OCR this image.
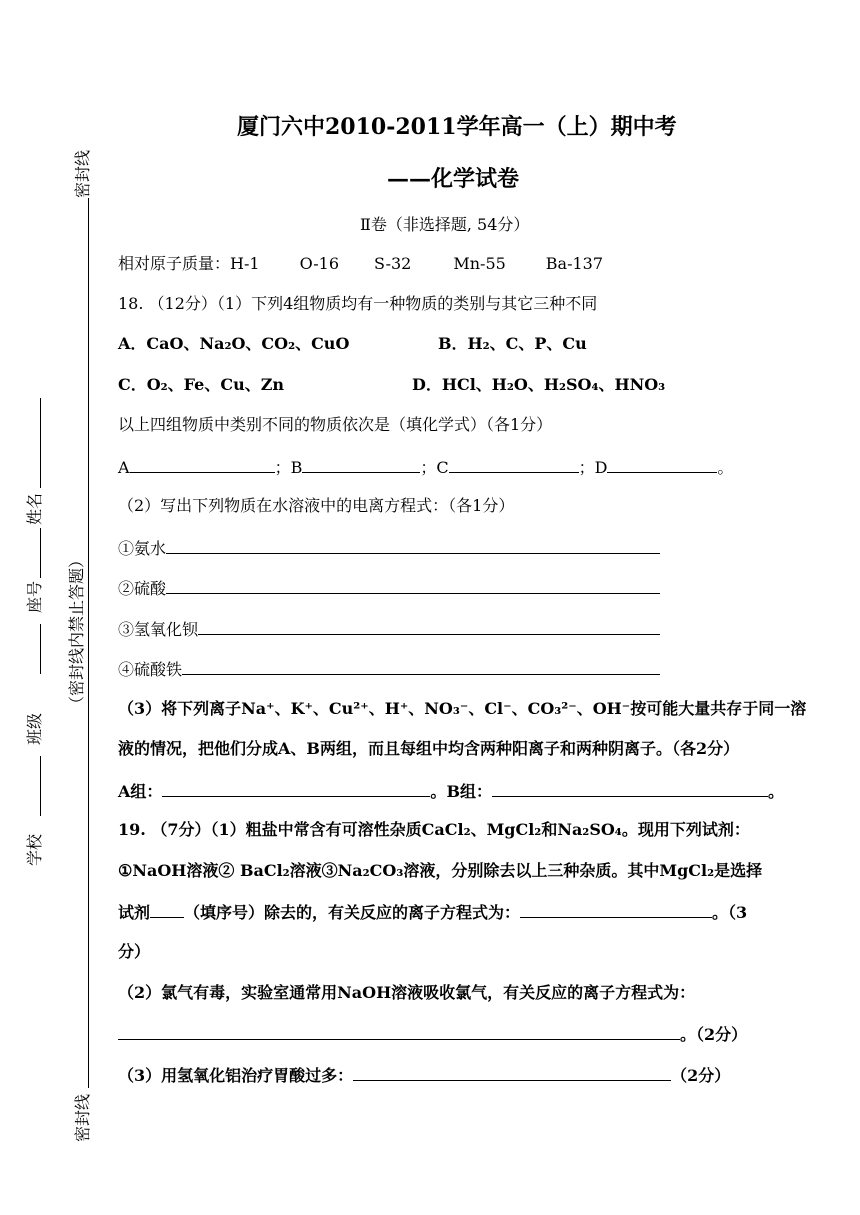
密封线
密封线
（密封线内禁止答题）
学校
班级
座号
姓名
厦门六中2010-2011学年高一（上）期中考
——化学试卷
Ⅱ卷（非选择题, 54分）
相对原子质量：H-1	O-16 S-32	Mn-55	Ba-137
18. （12分）（1）下列4组物质均有一种物质的类别与其它三种不同
A．CaO、Na₂O、CO₂、CuO	B．H₂、C、P、Cu
C．O₂、Fe、Cu、Zn	D．HCl、H₂O、H₂SO₄、HNO₃
以上四组物质中类别不同的物质依次是（填化学式）（各1分）
A	；B	；C	；D	。
（2）写出下列物质在水溶液中的电离方程式：（各1分）
①氨水
②硫酸
③氢氧化钡
④硫酸铁
（3）将下列离子Na⁺、K⁺、Cu²⁺、H⁺、NO₃⁻、Cl⁻、CO₃²⁻、OH⁻按可能大量共存于同一溶
液的情况，把他们分成A、B两组，而且每组中均含两种阳离子和两种阴离子。（各2分）
A组：	。B组：	。
19. （7分）（1）粗盐中常含有可溶性杂质CaCl₂、MgCl₂和Na₂SO₄。现用下列试剂：
①NaOH溶液② BaCl₂溶液③Na₂CO₃溶液，分别除去以上三种杂质。其中MgCl₂是选择
试剂 （填序号）除去的，有关反应的离子方程式为：	。（3
分）
（2）氯气有毒，实验室通常用NaOH溶液吸收氯气，有关反应的离子方程式为：
。（2分）
（3）用氢氧化铝治疗胃酸过多：	（2分）
